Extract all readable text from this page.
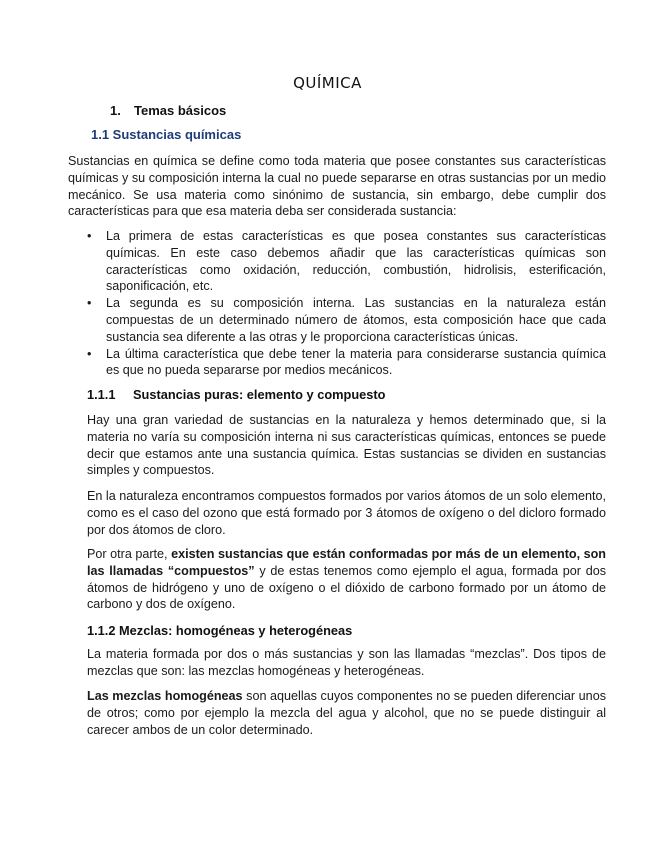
QUÍMICA
1. Temas básicos
1.1 Sustancias químicas

Sustancias en química se define como toda materia que posee constantes sus características químicas y su composición interna la cual no puede separarse en otras sustancias por un medio mecánico. Se usa materia como sinónimo de sustancia, sin embargo, debe cumplir dos características para que esa materia deba ser considerada sustancia:

• La primera de estas características es que posea constantes sus características químicas. En este caso debemos añadir que las características químicas son características como oxidación, reducción, combustión, hidrolisis, esterificación, saponificación, etc.
• La segunda es su composición interna. Las sustancias en la naturaleza están compuestas de un determinado número de átomos, esta composición hace que cada sustancia sea diferente a las otras y le proporciona características únicas.
• La última característica que debe tener la materia para considerarse sustancia química es que no pueda separarse por medios mecánicos.
1.1.1 Sustancias puras: elemento y compuesto

Hay una gran variedad de sustancias en la naturaleza y hemos determinado que, si la materia no varía su composición interna ni sus características químicas, entonces se puede decir que estamos ante una sustancia química. Estas sustancias se dividen en sustancias simples y compuestos.

En la naturaleza encontramos compuestos formados por varios átomos de un solo elemento, como es el caso del ozono que está formado por 3 átomos de oxígeno o del dicloro formado por dos átomos de cloro.

Por otra parte, existen sustancias que están conformadas por más de un elemento, son las llamadas “compuestos” y de estas tenemos como ejemplo el agua, formada por dos átomos de hidrógeno y uno de oxígeno o el dióxido de carbono formado por un átomo de carbono y dos de oxígeno.

1.1.2 Mezclas: homogéneas y heterogéneas

La materia formada por dos o más sustancias y son las llamadas “mezclas”. Dos tipos de mezclas que son: las mezclas homogéneas y heterogéneas.

Las mezclas homogéneas son aquellas cuyos componentes no se pueden diferenciar unos de otros; como por ejemplo la mezcla del agua y alcohol, que no se puede distinguir al carecer ambos de un color determinado.
